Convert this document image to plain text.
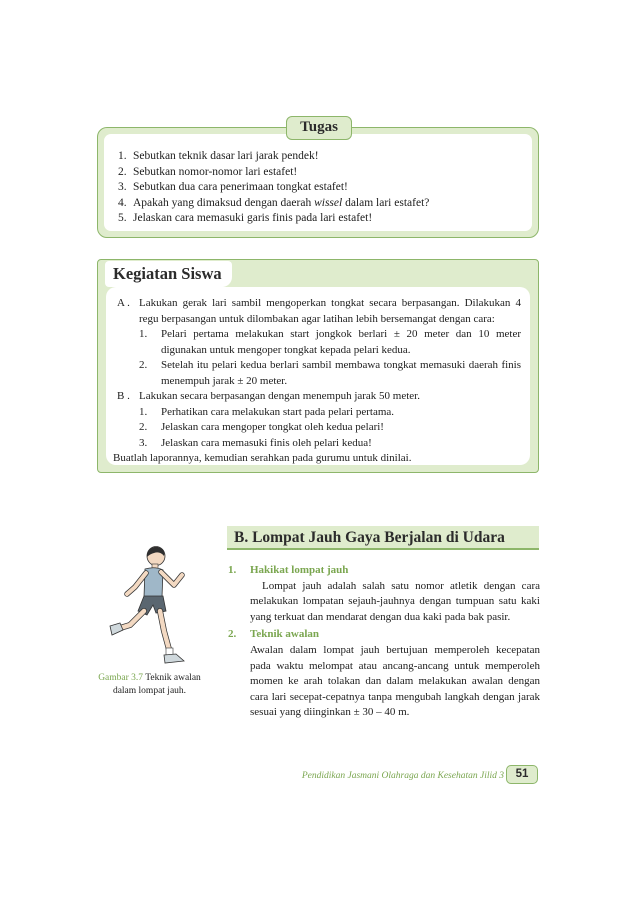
Tugas
1. Sebutkan teknik dasar lari jarak pendek!
2. Sebutkan nomor-nomor lari estafet!
3. Sebutkan dua cara penerimaan tongkat estafet!
4. Apakah yang dimaksud dengan daerah wissel dalam lari estafet?
5. Jelaskan cara memasuki garis finis pada lari estafet!
Kegiatan Siswa
A . Lakukan gerak lari sambil mengoperkan tongkat secara berpasangan. Dilakukan 4 regu berpasangan untuk dilombakan agar latihan lebih bersemangat dengan cara:
1.	Pelari pertama melakukan start jongkok berlari ± 20 meter dan 10 meter digunakan untuk mengoper tongkat kepada pelari kedua.
2.	Setelah itu pelari kedua berlari sambil membawa tongkat memasuki daerah finis menempuh jarak ± 20 meter.
B . Lakukan secara berpasangan dengan menempuh jarak 50 meter.
1.	Perhatikan cara melakukan start pada pelari pertama.
2.	Jelaskan cara mengoper tongkat oleh kedua pelari!
3.	Jelaskan cara memasuki finis oleh pelari kedua!

Buatlah laporannya, kemudian serahkan pada gurumu untuk dinilai.

B. Lompat Jauh Gaya Berjalan di Udara
1.	Hakikat lompat jauh
Lompat jauh adalah salah satu nomor atletik dengan cara melakukan lompatan sejauh-jauhnya dengan tumpuan satu kaki yang terkuat dan mendarat dengan dua kaki pada bak pasir.
2.	Teknik awalan
Awalan dalam lompat jauh bertujuan memperoleh kecepatan pada waktu melompat atau ancang-ancang untuk memperoleh momen ke arah tolakan dan dalam melakukan awalan dengan cara lari secepat-cepatnya tanpa mengubah langkah dengan jarak sesuai yang diinginkan ± 30 – 40 m.
Gambar 3.7 Teknik awalan dalam lompat jauh.
Pendidikan Jasmani Olahraga dan Kesehatan Jilid 3	51
